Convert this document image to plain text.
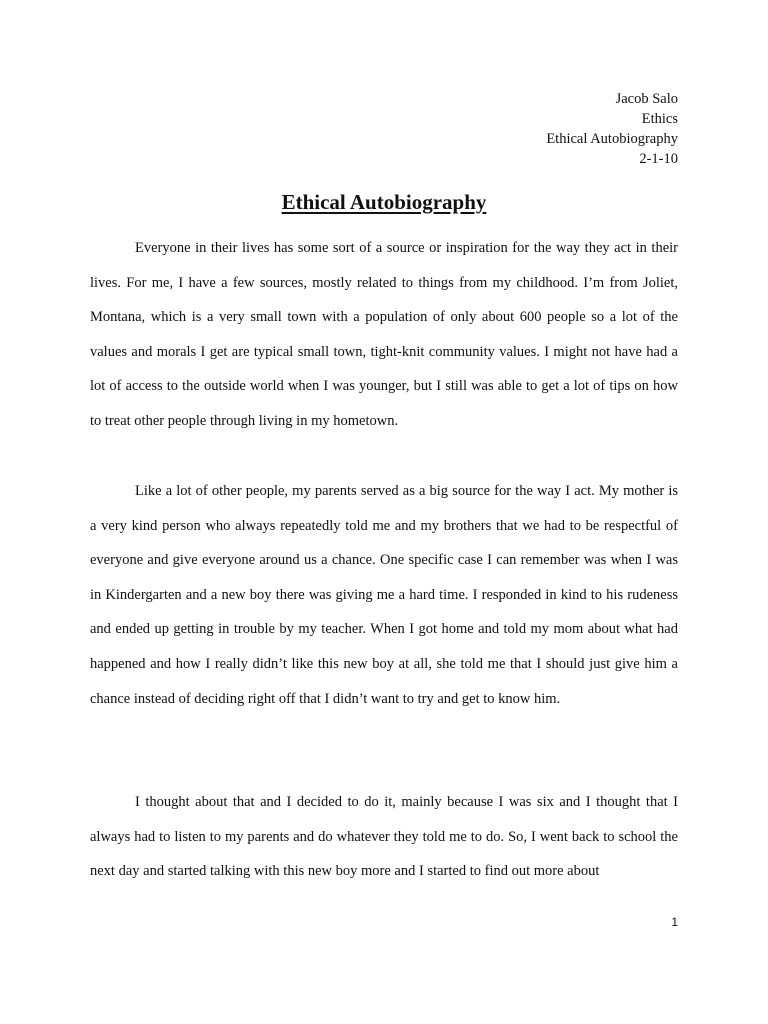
Jacob Salo
Ethics
Ethical Autobiography
2-1-10
Ethical Autobiography

Everyone in their lives has some sort of a source or inspiration for the way they act in their lives. For me, I have a few sources, mostly related to things from my childhood. I’m from Joliet, Montana, which is a very small town with a population of only about 600 people so a lot of the values and morals I get are typical small town, tight-knit community values. I might not have had a lot of access to the outside world when I was younger, but I still was able to get a lot of tips on how to treat other people through living in my hometown.

Like a lot of other people, my parents served as a big source for the way I act. My mother is a very kind person who always repeatedly told me and my brothers that we had to be respectful of everyone and give everyone around us a chance. One specific case I can remember was when I was in Kindergarten and a new boy there was giving me a hard time. I responded in kind to his rudeness and ended up getting in trouble by my teacher. When I got home and told my mom about what had happened and how I really didn’t like this new boy at all, she told me that I should just give him a chance instead of deciding right off that I didn’t want to try and get to know him.

I thought about that and I decided to do it, mainly because I was six and I thought that I always had to listen to my parents and do whatever they told me to do. So, I went back to school the next day and started talking with this new boy more and I started to find out more about

1
